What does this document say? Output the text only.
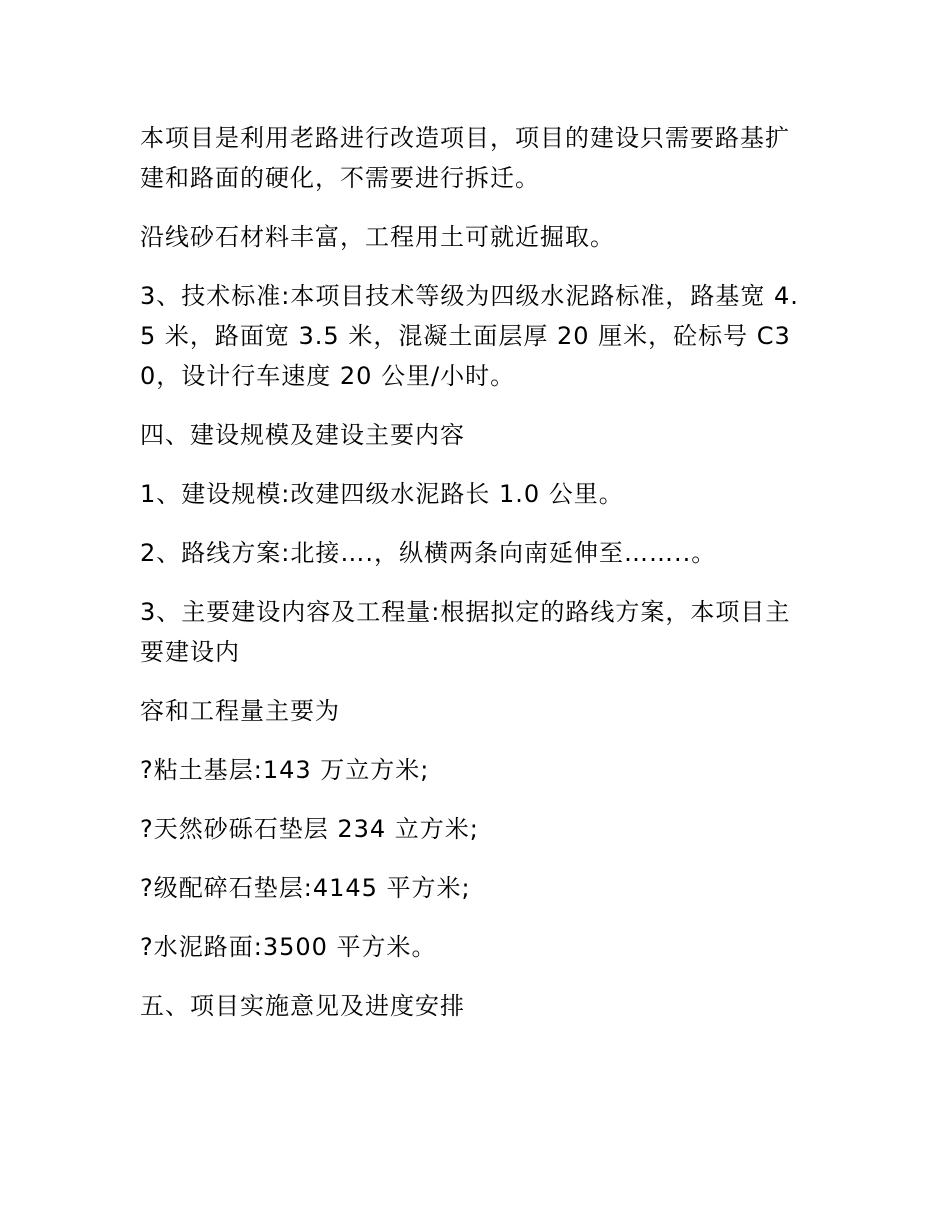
本项目是利用老路进行改造项目，项目的建设只需要路基扩建和路面的硬化，不需要进行拆迁。

沿线砂石材料丰富，工程用土可就近掘取。

3、技术标准:本项目技术等级为四级水泥路标准，路基宽 4.5 米，路面宽 3.5 米，混凝土面层厚 20 厘米，砼标号 C30，设计行车速度 20 公里/小时。

四、建设规模及建设主要内容

1、建设规模:改建四级水泥路长 1.0 公里。

2、路线方案:北接….，纵横两条向南延伸至……..。

3、主要建设内容及工程量:根据拟定的路线方案，本项目主要建设内

容和工程量主要为

?粘土基层:143 万立方米;

?天然砂砾石垫层 234 立方米;

?级配碎石垫层:4145 平方米;

?水泥路面:3500 平方米。

五、项目实施意见及进度安排
